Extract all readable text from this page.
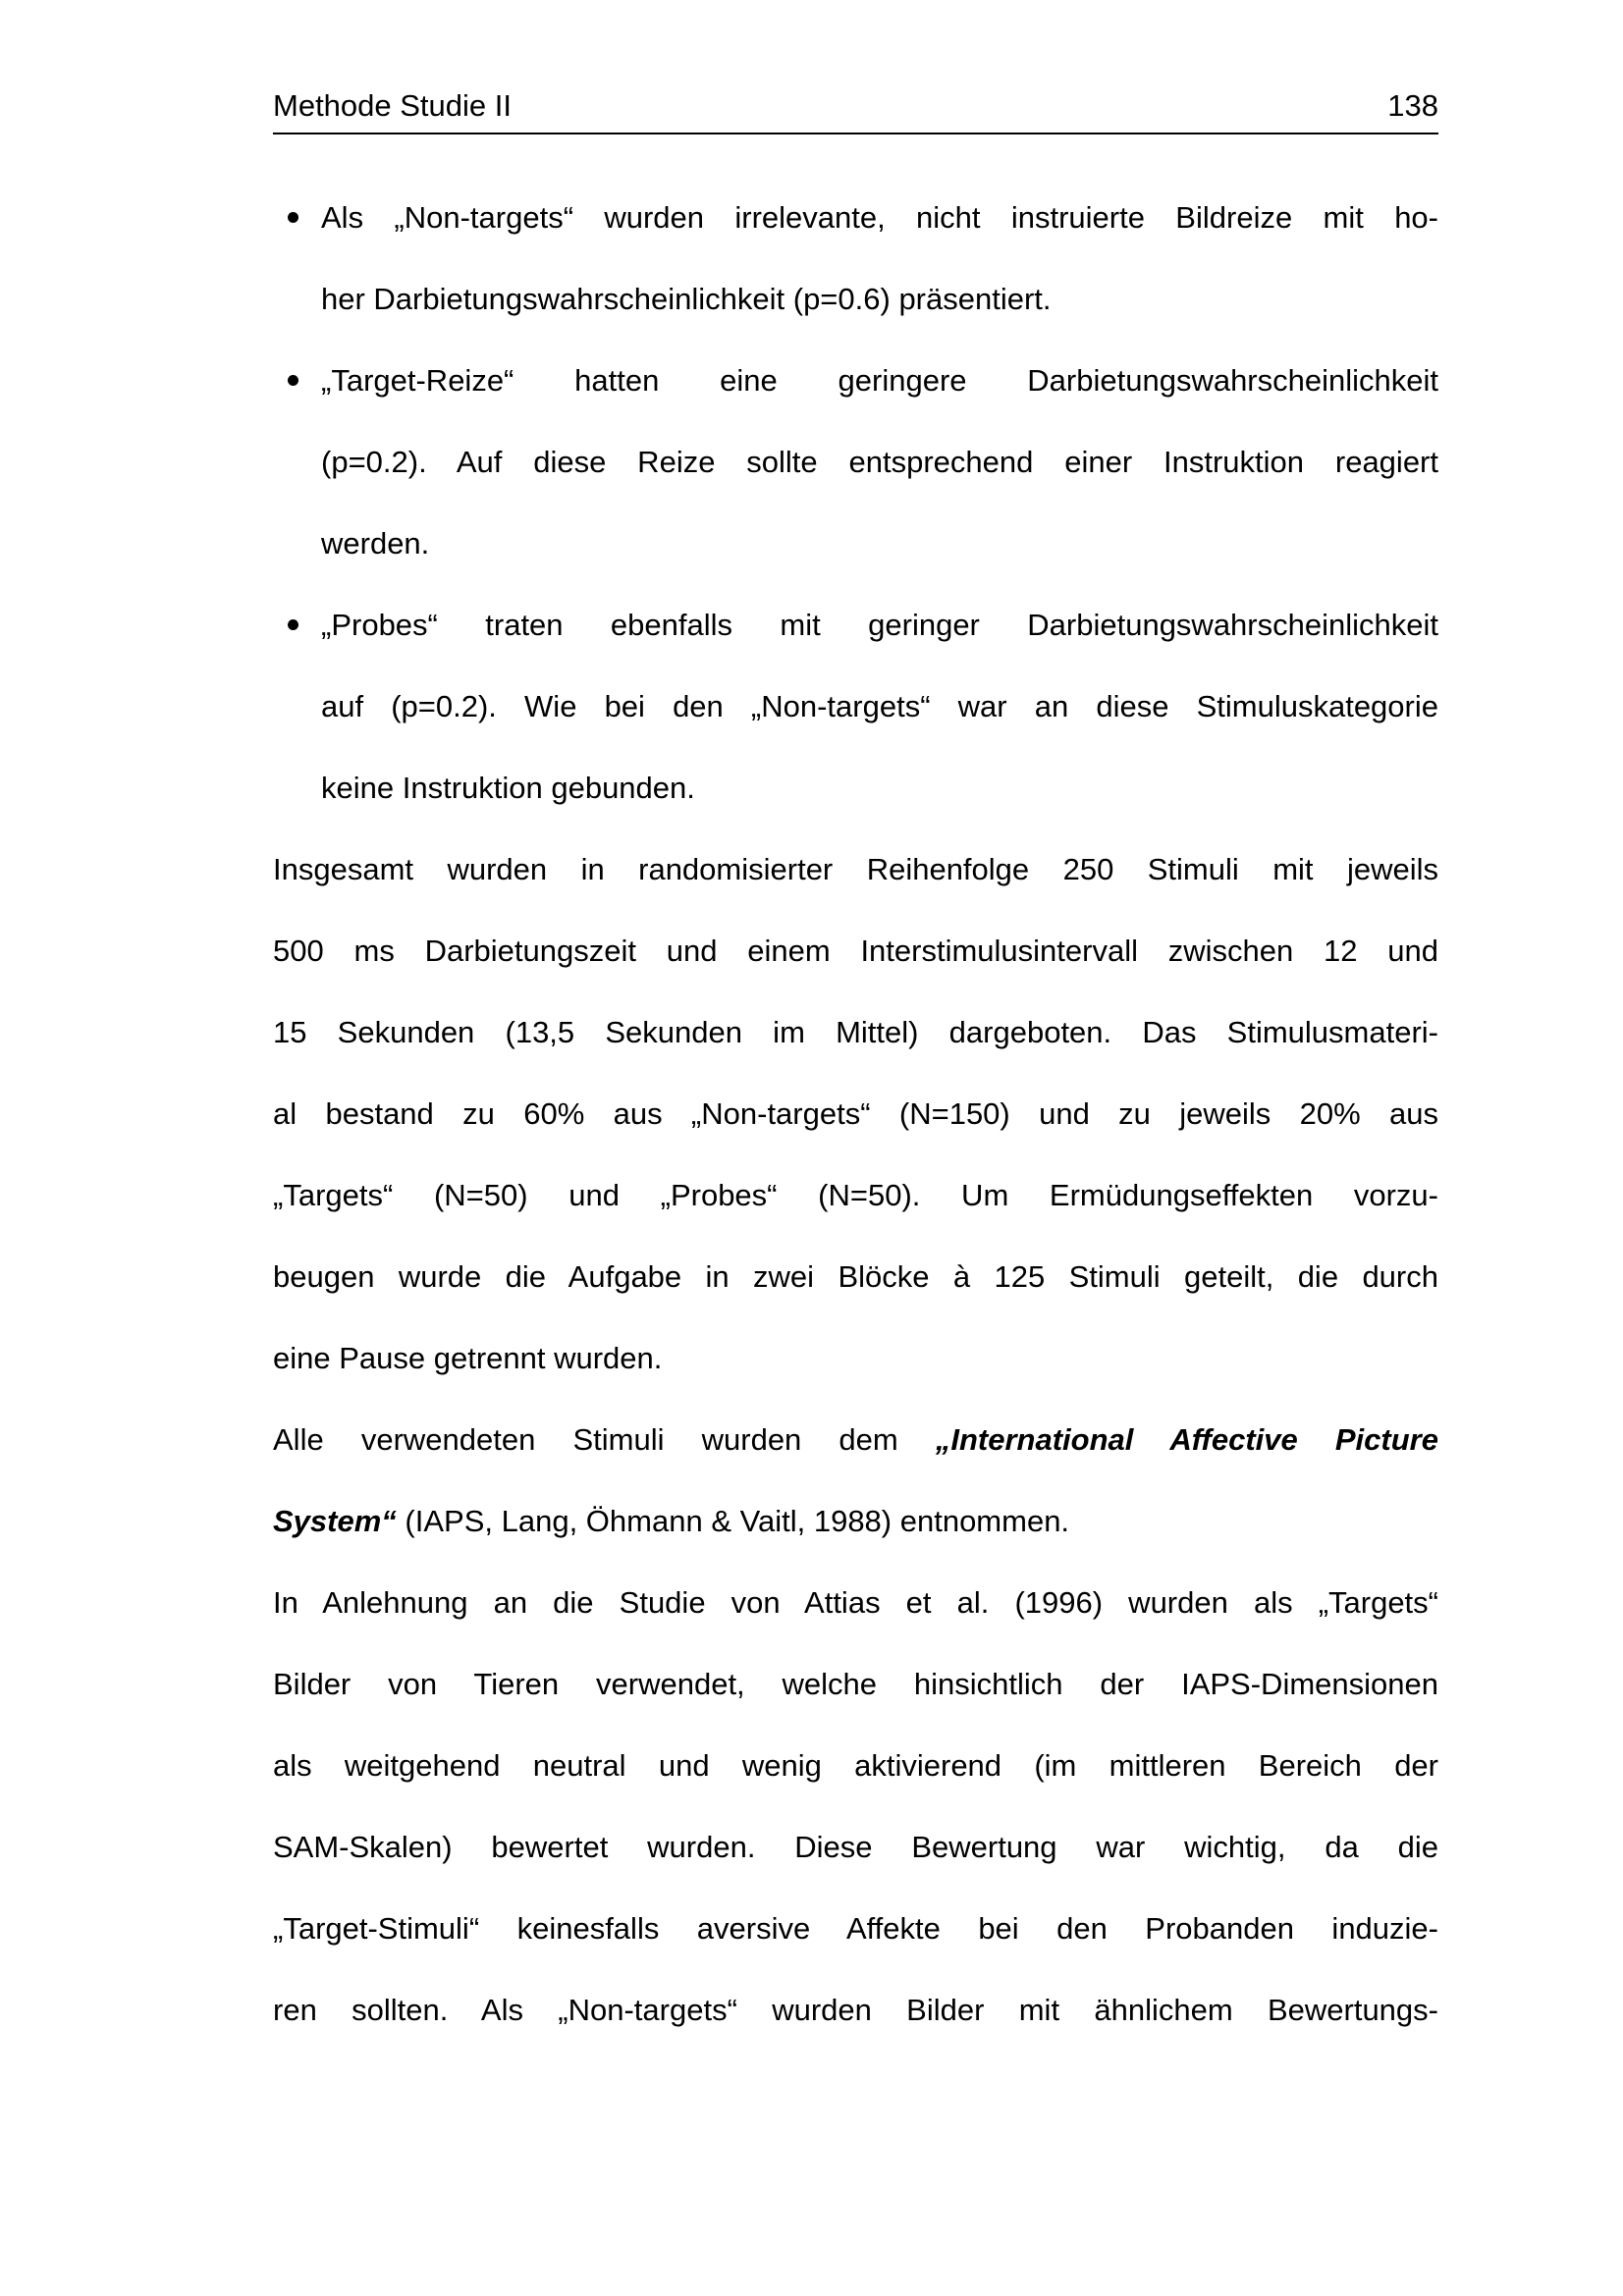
Methode Studie II	138
Als „Non-targets“ wurden irrelevante, nicht instruierte Bildreize mit ho-
her Darbietungswahrscheinlichkeit (p=0.6) präsentiert.
„Target-Reize“ hatten eine geringere Darbietungswahrscheinlichkeit
(p=0.2). Auf diese Reize sollte entsprechend einer Instruktion reagiert
werden.
„Probes“ traten ebenfalls mit geringer Darbietungswahrscheinlichkeit
auf (p=0.2). Wie bei den „Non-targets“ war an diese Stimuluskategorie
keine Instruktion gebunden.
Insgesamt wurden in randomisierter Reihenfolge 250 Stimuli mit jeweils
500 ms Darbietungszeit und einem Interstimulusintervall zwischen 12 und
15 Sekunden (13,5 Sekunden im Mittel) dargeboten. Das Stimulusmateri-
al bestand zu 60% aus „Non-targets“ (N=150) und zu jeweils 20% aus
„Targets“ (N=50) und „Probes“ (N=50). Um Ermüdungseffekten vorzu-
beugen wurde die Aufgabe in zwei Blöcke à 125 Stimuli geteilt, die durch
eine Pause getrennt wurden.
Alle verwendeten Stimuli wurden dem „International Affective Picture
System“ (IAPS, Lang, Öhmann & Vaitl, 1988) entnommen.
In Anlehnung an die Studie von Attias et al. (1996) wurden als „Targets“
Bilder von Tieren verwendet, welche hinsichtlich der IAPS-Dimensionen
als weitgehend neutral und wenig aktivierend (im mittleren Bereich der
SAM-Skalen) bewertet wurden. Diese Bewertung war wichtig, da die
„Target-Stimuli“ keinesfalls aversive Affekte bei den Probanden induzie-
ren sollten. Als „Non-targets“ wurden Bilder mit ähnlichem Bewertungs-
